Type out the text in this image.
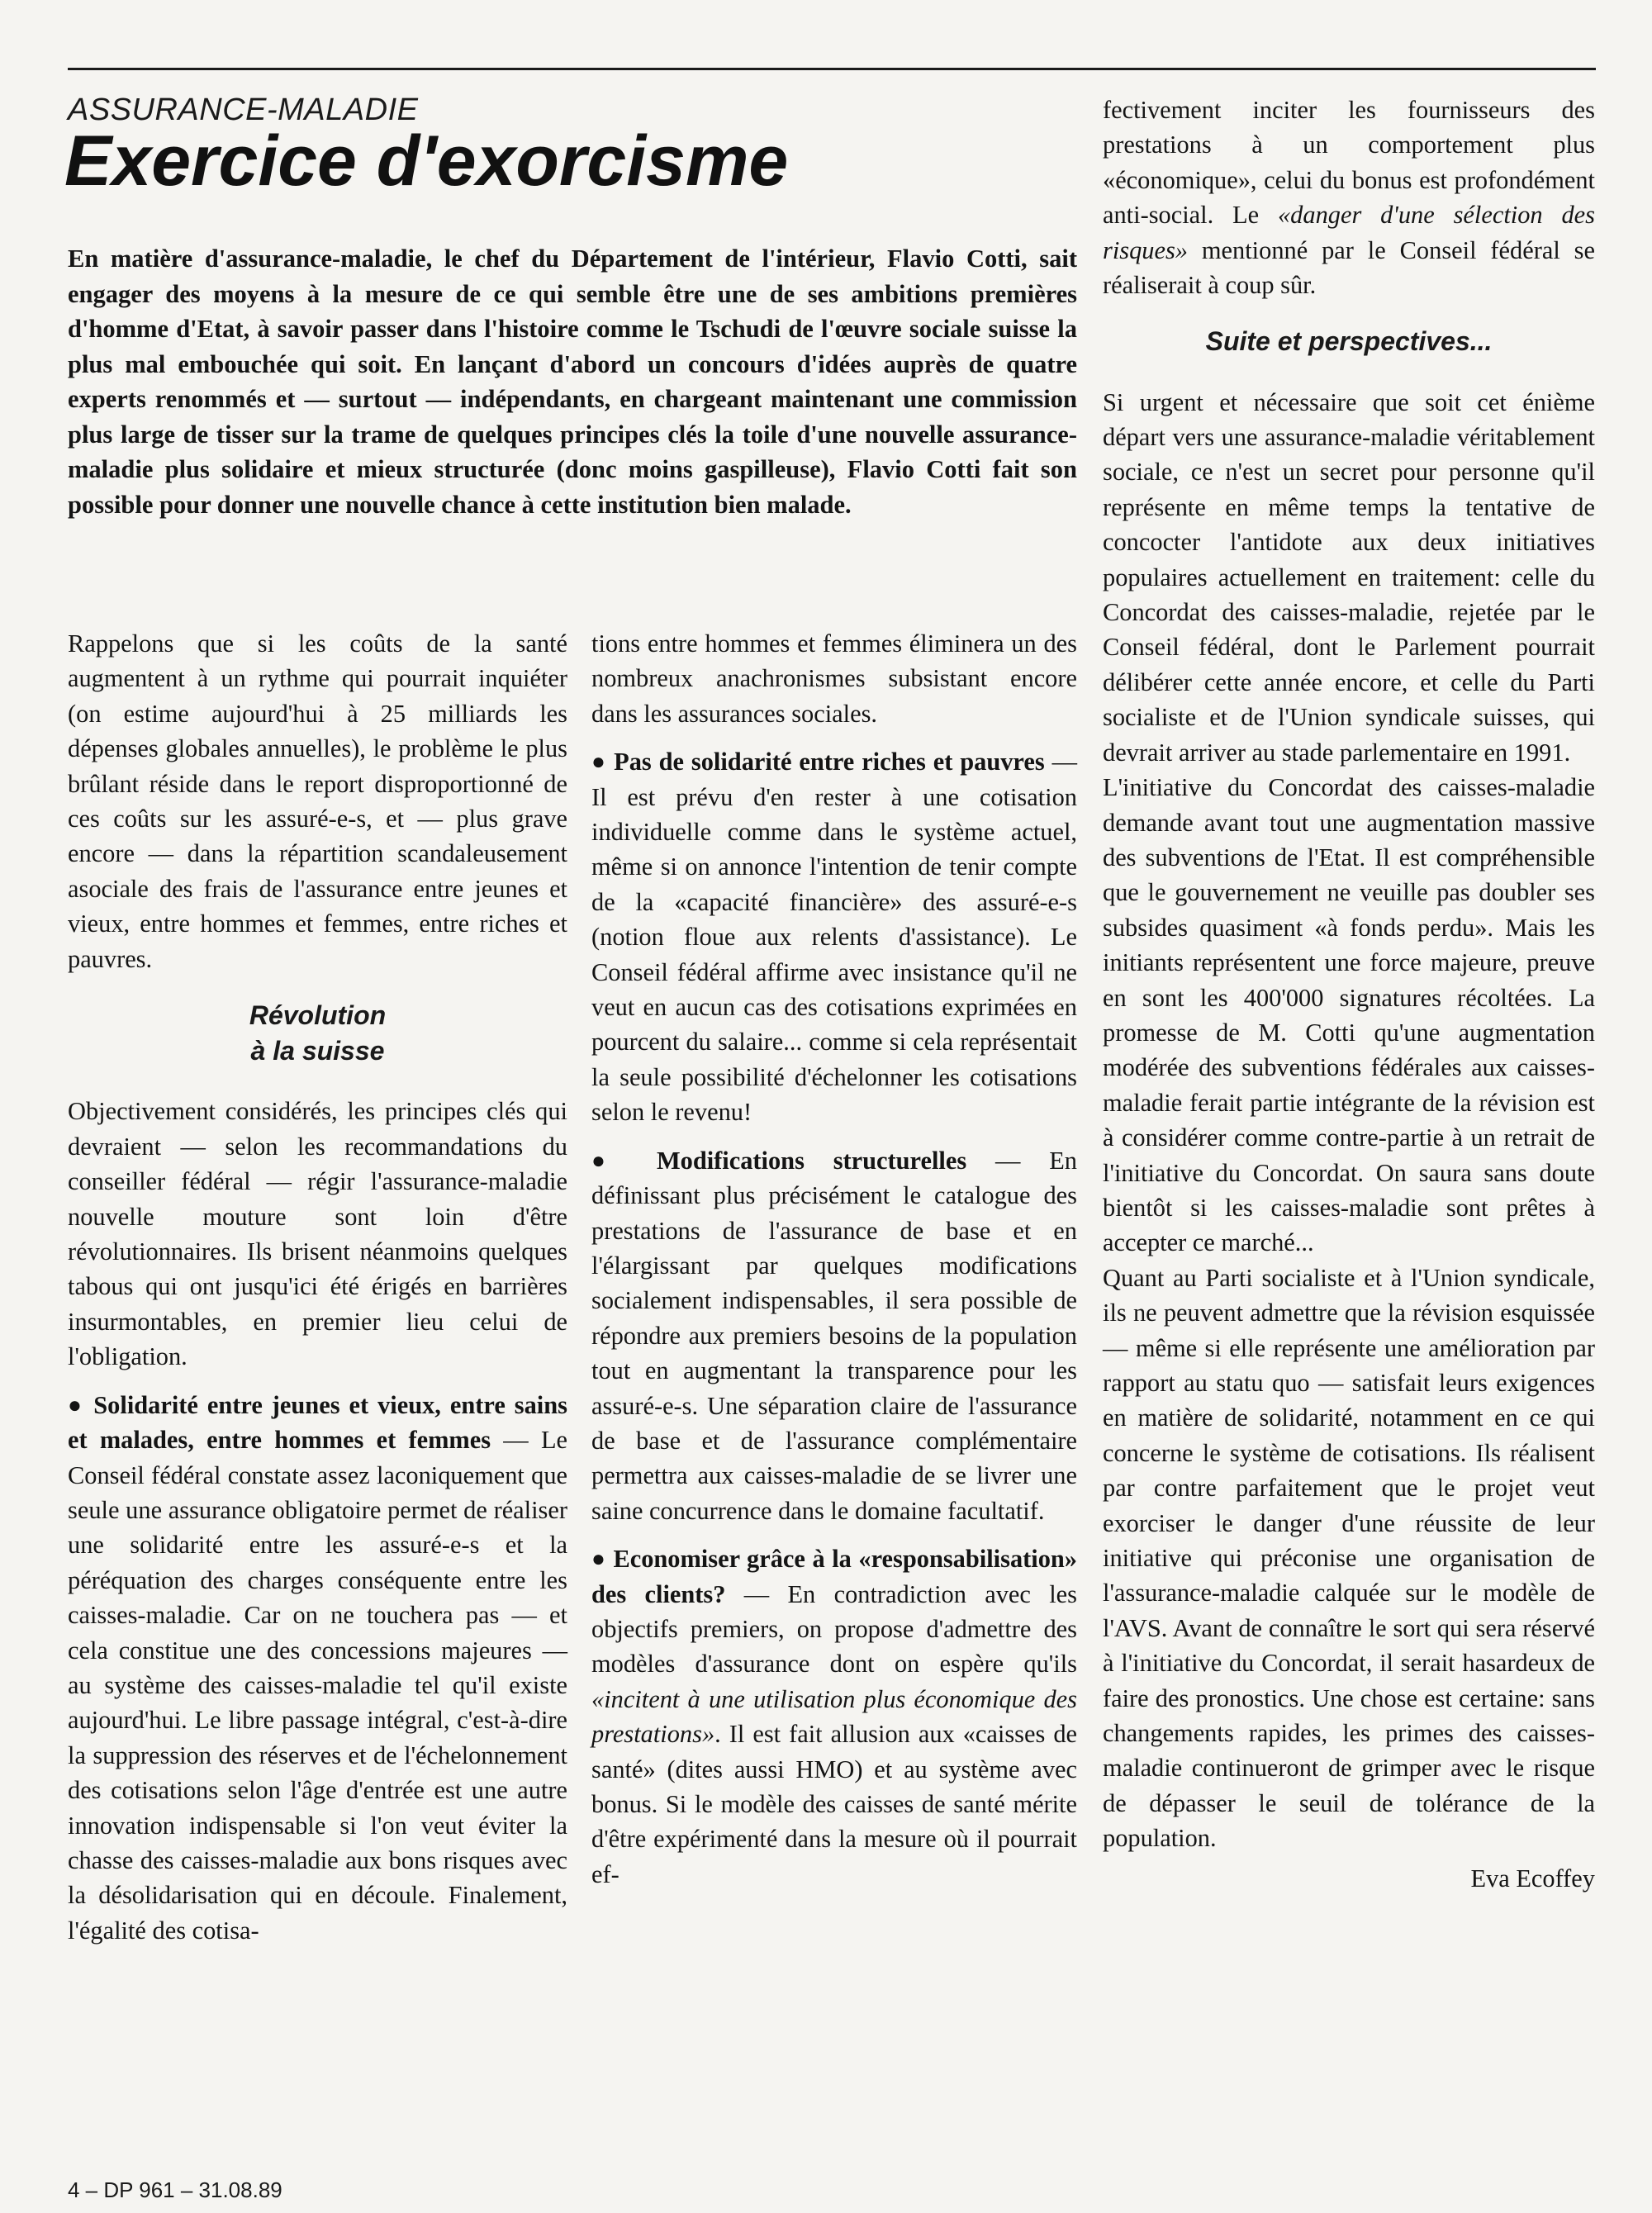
ASSURANCE-MALADIE
Exercice d'exorcisme

En matière d'assurance-maladie, le chef du Département de l'intérieur, Flavio Cotti, sait engager des moyens à la mesure de ce qui semble être une de ses ambitions premières d'homme d'Etat, à savoir passer dans l'histoire comme le Tschudi de l'œuvre sociale suisse la plus mal embouchée qui soit. En lançant d'abord un concours d'idées auprès de quatre experts renommés et — surtout — indépendants, en chargeant maintenant une commission plus large de tisser sur la trame de quelques principes clés la toile d'une nouvelle assurance-maladie plus solidaire et mieux structurée (donc moins gaspilleuse), Flavio Cotti fait son possible pour donner une nouvelle chance à cette institution bien malade.

Rappelons que si les coûts de la santé augmentent à un rythme qui pourrait inquiéter (on estime aujourd'hui à 25 milliards les dépenses globales annuelles), le problème le plus brûlant réside dans le report disproportionné de ces coûts sur les assuré-e-s, et — plus grave encore — dans la répartition scandaleusement asociale des frais de l'assurance entre jeunes et vieux, entre hommes et femmes, entre riches et pauvres.

Révolution
à la suisse

Objectivement considérés, les principes clés qui devraient — selon les recommandations du conseiller fédéral — régir l'assurance-maladie nouvelle mouture sont loin d'être révolutionnaires. Ils brisent néanmoins quelques tabous qui ont jusqu'ici été érigés en barrières insurmontables, en premier lieu celui de l'obligation.

● Solidarité entre jeunes et vieux, entre sains et malades, entre hommes et femmes — Le Conseil fédéral constate assez laconiquement que seule une assurance obligatoire permet de réaliser une solidarité entre les assuré-e-s et la péréquation des charges conséquente entre les caisses-maladie. Car on ne touchera pas — et cela constitue une des concessions majeures — au système des caisses-maladie tel qu'il existe aujourd'hui. Le libre passage intégral, c'est-à-dire la suppression des réserves et de l'échelonnement des cotisations selon l'âge d'entrée est une autre innovation indispensable si l'on veut éviter la chasse des caisses-maladie aux bons risques avec la désolidarisation qui en découle. Finalement, l'égalité des cotisa-

tions entre hommes et femmes éliminera un des nombreux anachronismes subsistant encore dans les assurances sociales.

● Pas de solidarité entre riches et pauvres — Il est prévu d'en rester à une cotisation individuelle comme dans le système actuel, même si on annonce l'intention de tenir compte de la «capacité financière» des assuré-e-s (notion floue aux relents d'assistance). Le Conseil fédéral affirme avec insistance qu'il ne veut en aucun cas des cotisations exprimées en pourcent du salaire... comme si cela représentait la seule possibilité d'échelonner les cotisations selon le revenu!

● Modifications structurelles — En définissant plus précisément le catalogue des prestations de l'assurance de base et en l'élargissant par quelques modifications socialement indispensables, il sera possible de répondre aux premiers besoins de la population tout en augmentant la transparence pour les assuré-e-s. Une séparation claire de l'assurance de base et de l'assurance complémentaire permettra aux caisses-maladie de se livrer une saine concurrence dans le domaine facultatif.

● Economiser grâce à la «responsabilisation» des clients? — En contradiction avec les objectifs premiers, on propose d'admettre des modèles d'assurance dont on espère qu'ils «incitent à une utilisation plus économique des prestations». Il est fait allusion aux «caisses de santé» (dites aussi HMO) et au système avec bonus. Si le modèle des caisses de santé mérite d'être expérimenté dans la mesure où il pourrait ef-

fectivement inciter les fournisseurs des prestations à un comportement plus «économique», celui du bonus est profondément anti-social. Le «danger d'une sélection des risques» mentionné par le Conseil fédéral se réaliserait à coup sûr.

Suite et perspectives...

Si urgent et nécessaire que soit cet énième départ vers une assurance-maladie véritablement sociale, ce n'est un secret pour personne qu'il représente en même temps la tentative de concocter l'antidote aux deux initiatives populaires actuellement en traitement: celle du Concordat des caisses-maladie, rejetée par le Conseil fédéral, dont le Parlement pourrait délibérer cette année encore, et celle du Parti socialiste et de l'Union syndicale suisses, qui devrait arriver au stade parlementaire en 1991.

L'initiative du Concordat des caisses-maladie demande avant tout une augmentation massive des subventions de l'Etat. Il est compréhensible que le gouvernement ne veuille pas doubler ses subsides quasiment «à fonds perdu». Mais les initiants représentent une force majeure, preuve en sont les 400'000 signatures récoltées. La promesse de M. Cotti qu'une augmentation modérée des subventions fédérales aux caisses-maladie ferait partie intégrante de la révision est à considérer comme contre-partie à un retrait de l'initiative du Concordat. On saura sans doute bientôt si les caisses-maladie sont prêtes à accepter ce marché...

Quant au Parti socialiste et à l'Union syndicale, ils ne peuvent admettre que la révision esquissée — même si elle représente une amélioration par rapport au statu quo — satisfait leurs exigences en matière de solidarité, notamment en ce qui concerne le système de cotisations. Ils réalisent par contre parfaitement que le projet veut exorciser le danger d'une réussite de leur initiative qui préconise une organisation de l'assurance-maladie calquée sur le modèle de l'AVS. Avant de connaître le sort qui sera réservé à l'initiative du Concordat, il serait hasardeux de faire des pronostics. Une chose est certaine: sans changements rapides, les primes des caisses-maladie continueront de grimper avec le risque de dépasser le seuil de tolérance de la population.

Eva Ecoffey
4 – DP 961 – 31.08.89
